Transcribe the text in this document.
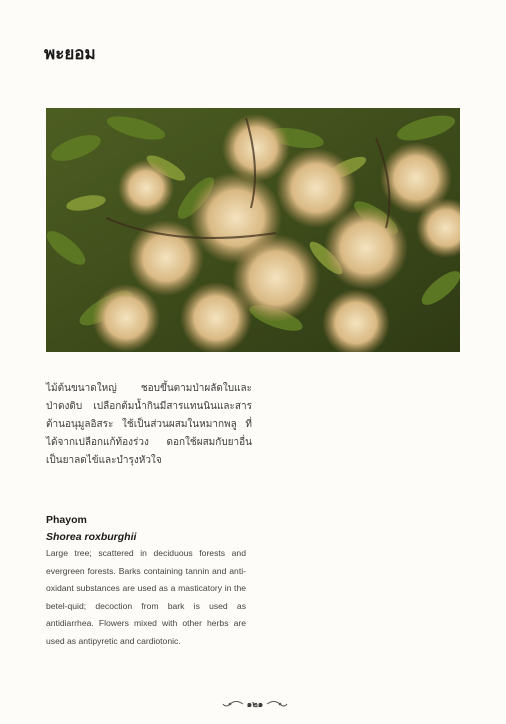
พะยอม

ไม้ต้นขนาดใหญ่ ชอบขึ้นตามป่าผลัดใบและป่าดงดิบ เปลือกต้มน้ำกินมีสารแทนนินและสารต้านอนุมูลอิสระ ใช้เป็นส่วนผสมในหมากพลู ที่ได้จากเปลือกแก้ท้องร่วง ดอกใช้ผสมกับยาอื่นเป็นยาลดไข้และบำรุงหัวใจ

Phayom
Shorea roxburghii

Large tree; scattered in deciduous forests and evergreen forests. Barks containing tannin and anti-oxidant substances are used as a masticatory in the betel-quid; decoction from bark is used as antidiarrhea. Flowers mixed with other herbs are used as antipyretic and cardiotonic.

๑๒๑
